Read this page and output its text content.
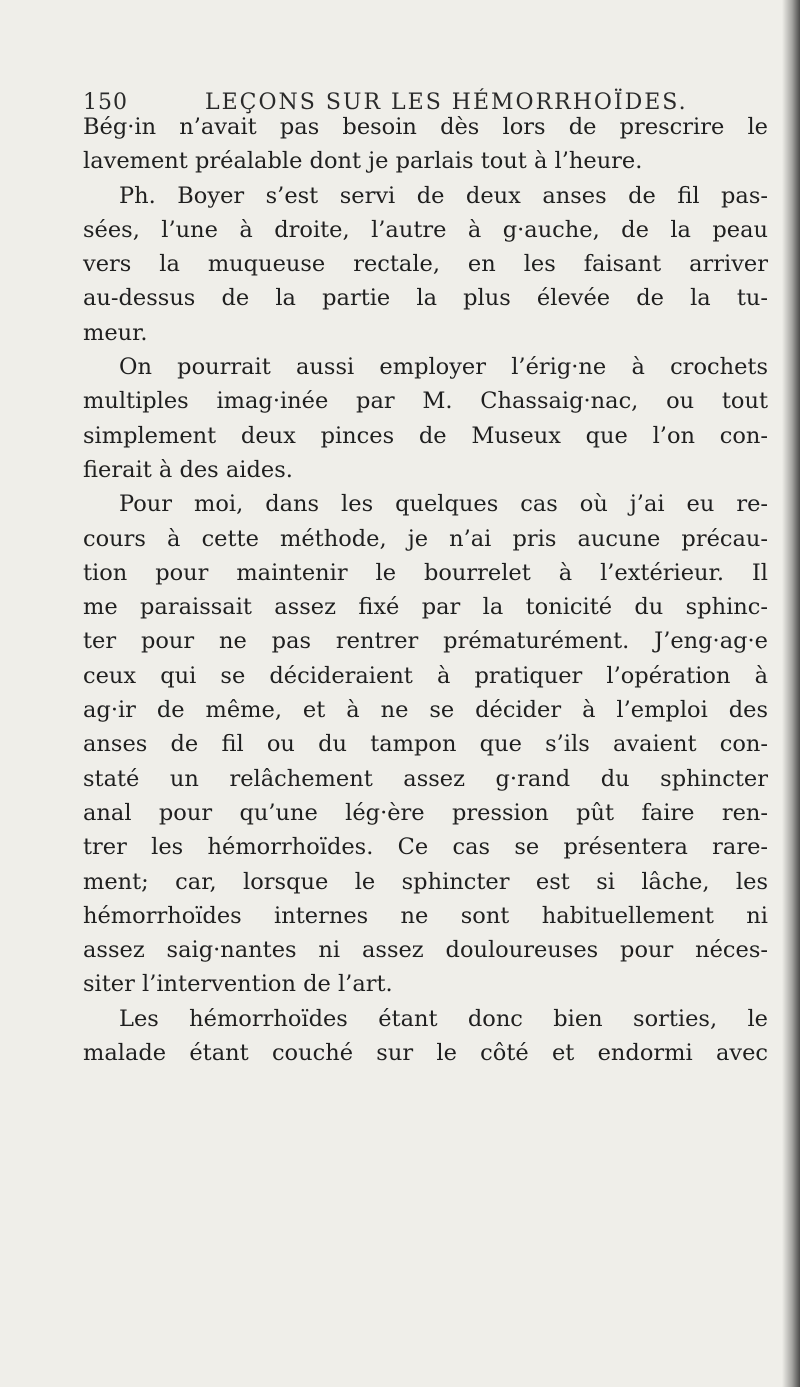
150	LEÇONS SUR LES HÉMORRHOÏDES.
Bég·in n’avait pas besoin dès lors de prescrire le
lavement préalable dont je parlais tout à l’heure.
Ph. Boyer s’est servi de deux anses de fil pas-
sées, l’une à droite, l’autre à g·auche, de la peau
vers la muqueuse rectale, en les faisant arriver
au-dessus de la partie la plus élevée de la tu-
meur.
On pourrait aussi employer l’érig·ne à crochets
multiples imag·inée par M. Chassaig·nac, ou tout
simplement deux pinces de Museux que l’on con-
fierait à des aides.
Pour moi, dans les quelques cas où j’ai eu re-
cours à cette méthode, je n’ai pris aucune précau-
tion pour maintenir le bourrelet à l’extérieur. Il
me paraissait assez fixé par la tonicité du sphinc-
ter pour ne pas rentrer prématurément. J’eng·ag·e
ceux qui se décideraient à pratiquer l’opération à
ag·ir de même, et à ne se décider à l’emploi des
anses de fil ou du tampon que s’ils avaient con-
staté un relâchement assez g·rand du sphincter
anal pour qu’une lég·ère pression pût faire ren-
trer les hémorrhoïdes. Ce cas se présentera rare-
ment; car, lorsque le sphincter est si lâche, les
hémorrhoïdes internes ne sont habituellement ni
assez saig·nantes ni assez douloureuses pour néces-
siter l’intervention de l’art.
Les hémorrhoïdes étant donc bien sorties, le
malade étant couché sur le côté et endormi avec
